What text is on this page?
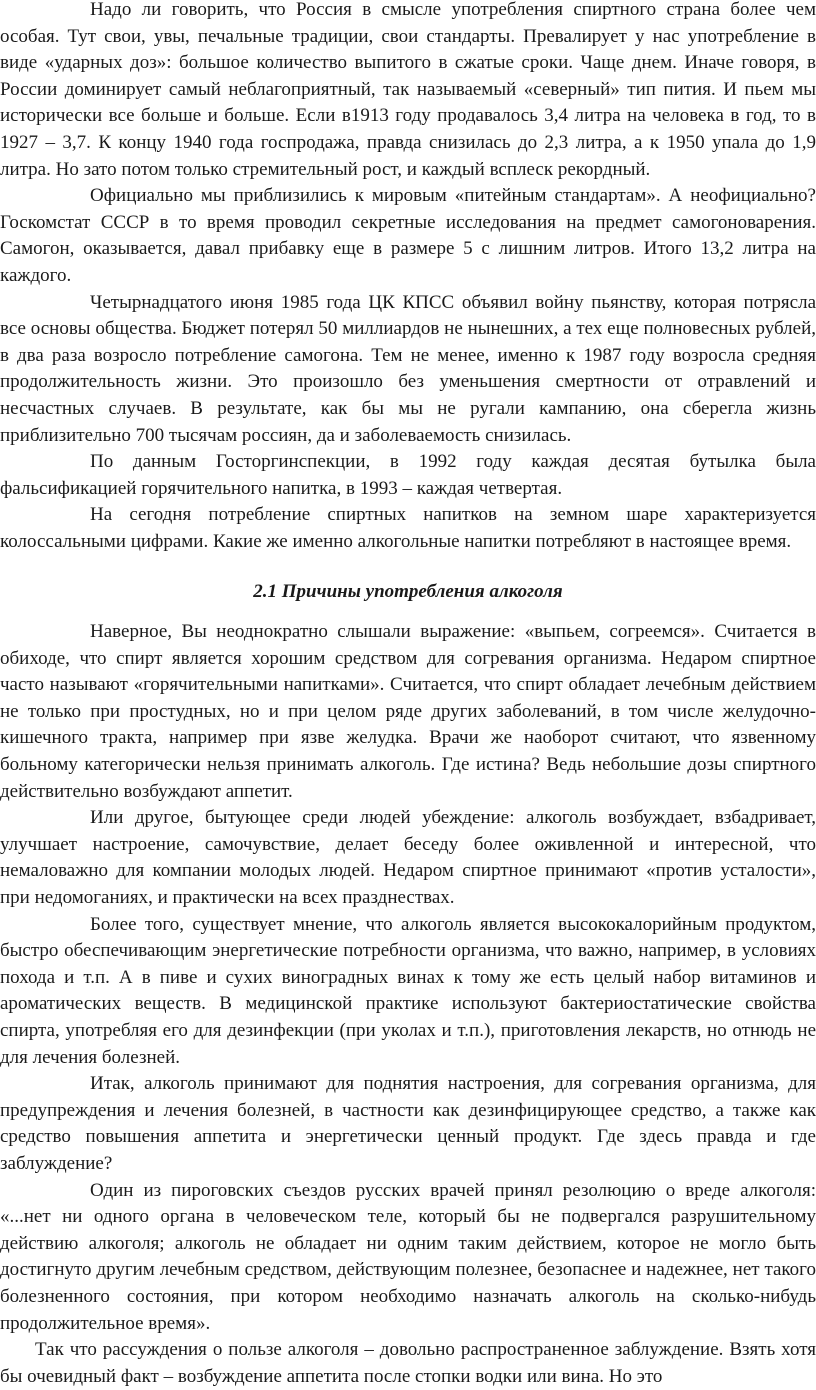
Надо ли говорить, что Россия в смысле употребления спиртного страна более чем особая. Тут свои, увы, печальные традиции, свои стандарты. Превалирует у нас употребление в виде «ударных доз»: большое количество выпитого в сжатые сроки. Чаще днем. Иначе говоря, в России доминирует самый неблагоприятный, так называемый «северный» тип пития. И пьем мы исторически все больше и больше. Если в1913 году продавалось 3,4 литра на человека в год, то в 1927 – 3,7. К концу 1940 года госпродажа, правда снизилась до 2,3 литра, а к 1950 упала до 1,9 литра. Но зато потом только стремительный рост, и каждый всплеск рекордный.

Официально мы приблизились к мировым «питейным стандартам». А неофициально? Госкомстат СССР в то время проводил секретные исследования на предмет самогоноварения. Самогон, оказывается, давал прибавку еще в размере 5 с лишним литров. Итого 13,2 литра на каждого.

Четырнадцатого июня 1985 года ЦК КПСС объявил войну пьянству, которая потрясла все основы общества. Бюджет потерял 50 миллиардов не нынешних, а тех еще полновесных рублей, в два раза возросло потребление самогона. Тем не менее, именно к 1987 году возросла средняя продолжительность жизни. Это произошло без уменьшения смертности от отравлений и несчастных случаев. В результате, как бы мы не ругали кампанию, она сберегла жизнь приблизительно 700 тысячам россиян, да и заболеваемость снизилась.

По данным Госторгинспекции, в 1992 году каждая десятая бутылка была фальсификацией горячительного напитка, в 1993 – каждая четвертая.

На сегодня потребление спиртных напитков на земном шаре характеризуется колоссальными цифрами. Какие же именно алкогольные напитки потребляют в настоящее время.

2.1 Причины употребления алкоголя

Наверное, Вы неоднократно слышали выражение: «выпьем, согреемся». Считается в обиходе, что спирт является хорошим средством для согревания организма. Недаром спиртное часто называют «горячительными напитками». Считается, что спирт обладает лечебным действием не только при простудных, но и при целом ряде других заболеваний, в том числе желудочно-кишечного тракта, например при язве желудка. Врачи же наоборот считают, что язвенному больному категорически нельзя принимать алкоголь. Где истина? Ведь небольшие дозы спиртного действительно возбуждают аппетит.

Или другое, бытующее среди людей убеждение: алкоголь возбуждает, взбадривает, улучшает настроение, самочувствие, делает беседу более оживленной и интересной, что немаловажно для компании молодых людей. Недаром спиртное принимают «против усталости», при недомоганиях, и практически на всех празднествах.

Более того, существует мнение, что алкоголь является высококалорийным продуктом, быстро обеспечивающим энергетические потребности организма, что важно, например, в условиях похода и т.п. А в пиве и сухих виноградных винах к тому же есть целый набор витаминов и ароматических веществ. В медицинской практике используют бактериостатические свойства спирта, употребляя его для дезинфекции (при уколах и т.п.), приготовления лекарств, но отнюдь не для лечения болезней.

Итак, алкоголь принимают для поднятия настроения, для согревания организма, для предупреждения и лечения болезней, в частности как дезинфицирующее средство, а также как средство повышения аппетита и энергетически ценный продукт. Где здесь правда и где заблуждение?

Один из пироговских съездов русских врачей принял резолюцию о вреде алкоголя: «...нет ни одного органа в человеческом теле, который бы не подвергался разрушительному действию алкоголя; алкоголь не обладает ни одним таким действием, которое не могло быть достигнуто другим лечебным средством, действующим полезнее, безопаснее и надежнее, нет такого болезненного состояния, при котором необходимо назначать алкоголь на сколько-нибудь продолжительное время».

Так что рассуждения о пользе алкоголя – довольно распространенное заблуждение. Взять хотя бы очевидный факт – возбуждение аппетита после стопки водки или вина. Но это
